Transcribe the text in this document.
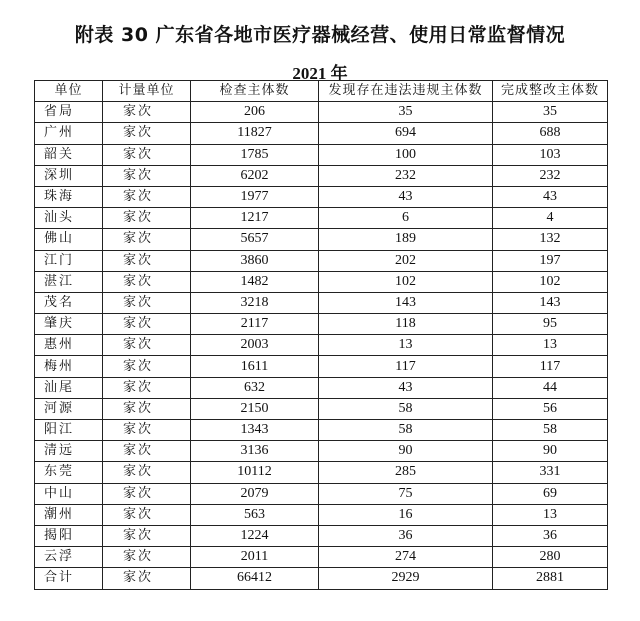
附表 30 广东省各地市医疗器械经营、使用日常监督情况
2021 年
单位	计量单位	检查主体数	发现存在违法违规主体数	完成整改主体数
省局	家次	206	35	35
广州	家次	11827	694	688
韶关	家次	1785	100	103
深圳	家次	6202	232	232
珠海	家次	1977	43	43
汕头	家次	1217	6	4
佛山	家次	5657	189	132
江门	家次	3860	202	197
湛江	家次	1482	102	102
茂名	家次	3218	143	143
肇庆	家次	2117	118	95
惠州	家次	2003	13	13
梅州	家次	1611	117	117
汕尾	家次	632	43	44
河源	家次	2150	58	56
阳江	家次	1343	58	58
清远	家次	3136	90	90
东莞	家次	10112	285	331
中山	家次	2079	75	69
潮州	家次	563	16	13
揭阳	家次	1224	36	36
云浮	家次	2011	274	280
合计	家次	66412	2929	2881
